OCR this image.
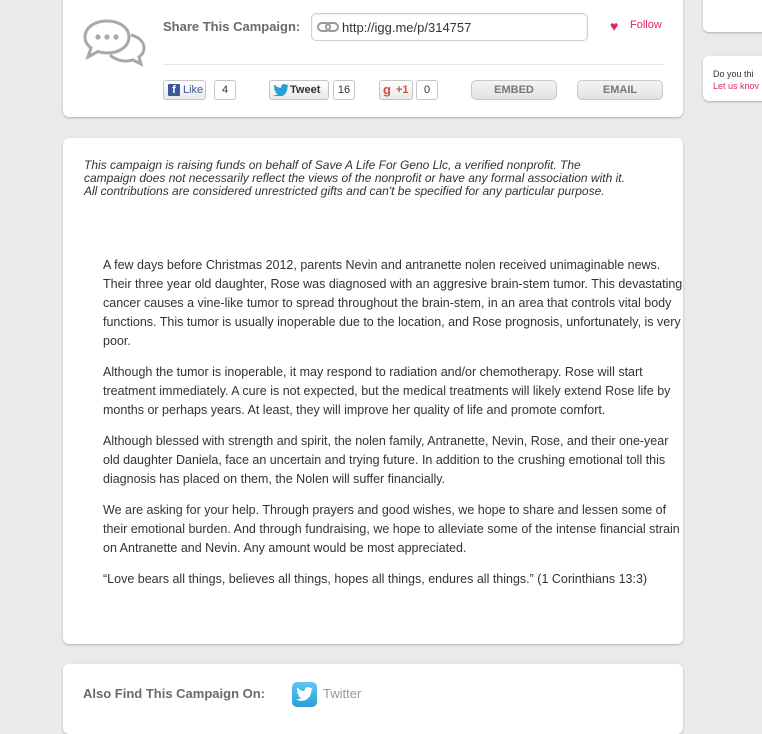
Share This Campaign:	http://igg.me/p/314757	♥ Follow
f Like	4	Tweet	16	g +1	0	EMBED	EMAIL
Do you thi
Let us knov

This campaign is raising funds on behalf of Save A Life For Geno Llc, a verified nonprofit. The campaign does not necessarily reflect the views of the nonprofit or have any formal association with it. All contributions are considered unrestricted gifts and can't be specified for any particular purpose.

A few days before Christmas 2012, parents Nevin and antranette nolen received unimaginable news. Their three year old daughter, Rose was diagnosed with an aggresive brain-stem tumor. This devastating cancer causes a vine-like tumor to spread throughout the brain-stem, in an area that controls vital body functions. This tumor is usually inoperable due to the location, and Rose prognosis, unfortunately, is very poor.

Although the tumor is inoperable, it may respond to radiation and/or chemotherapy. Rose will start treatment immediately. A cure is not expected, but the medical treatments will likely extend Rose life by months or perhaps years. At least, they will improve her quality of life and promote comfort.

Although blessed with strength and spirit, the nolen family, Antranette, Nevin, Rose, and their one-year old daughter Daniela, face an uncertain and trying future. In addition to the crushing emotional toll this diagnosis has placed on them, the Nolen will suffer financially.

We are asking for your help. Through prayers and good wishes, we hope to share and lessen some of their emotional burden. And through fundraising, we hope to alleviate some of the intense financial strain on Antranette and Nevin. Any amount would be most appreciated.

“Love bears all things, believes all things, hopes all things, endures all things.” (1 Corinthians 13:3)

Also Find This Campaign On:	Twitter
